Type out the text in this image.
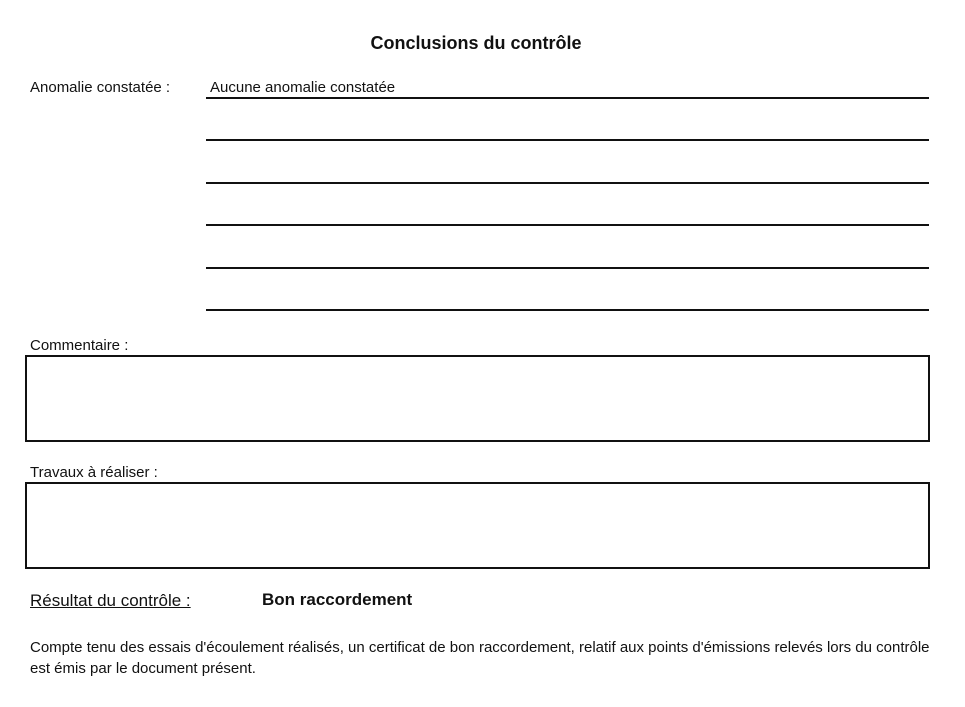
Conclusions du contrôle
Anomalie constatée :	Aucune anomalie constatée
Commentaire :
Travaux à réaliser :
Résultat du contrôle :	Bon raccordement

Compte tenu des essais d'écoulement réalisés, un certificat de bon raccordement, relatif aux points d'émissions relevés lors du contrôle est émis par le document présent.
